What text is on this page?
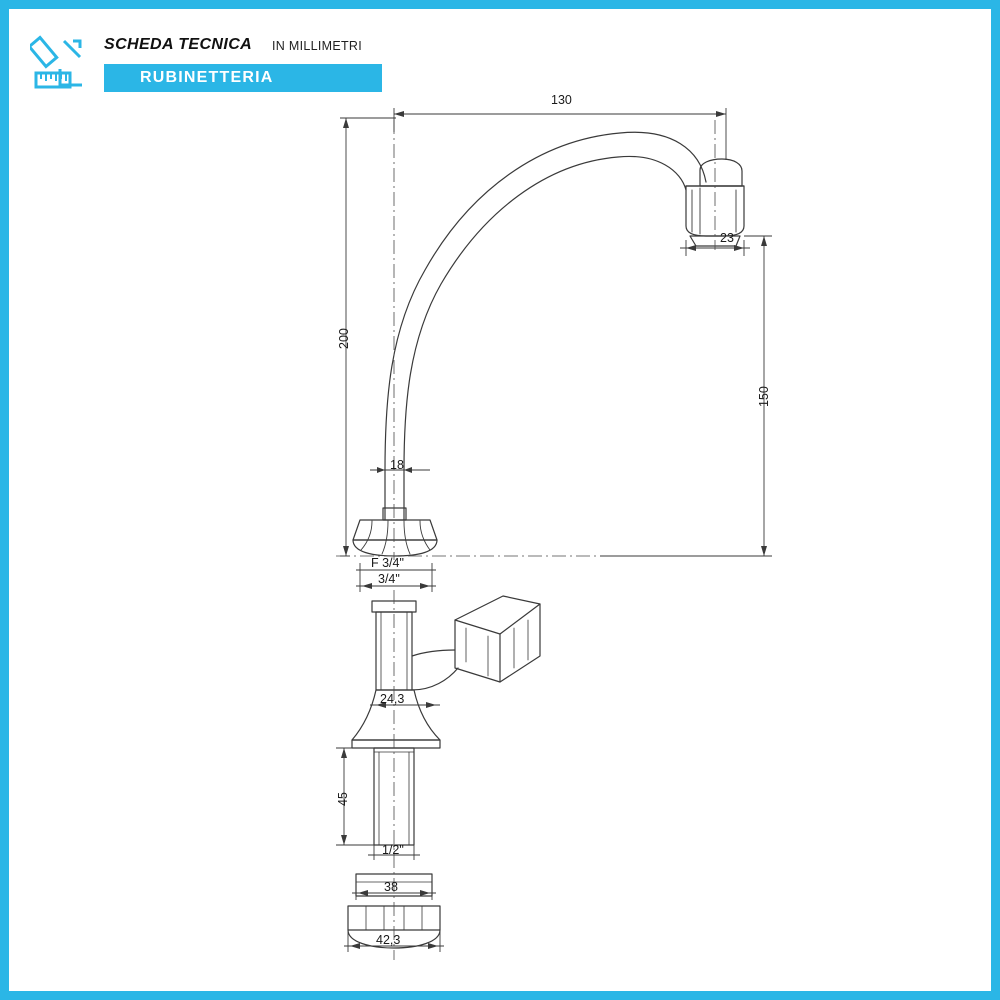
SCHEDA TECNICA IN MILLIMETRI
RUBINETTERIA
130
23
200
150
18
F 3/4"
3/4"
24,3
45
1/2"
38
42,3
